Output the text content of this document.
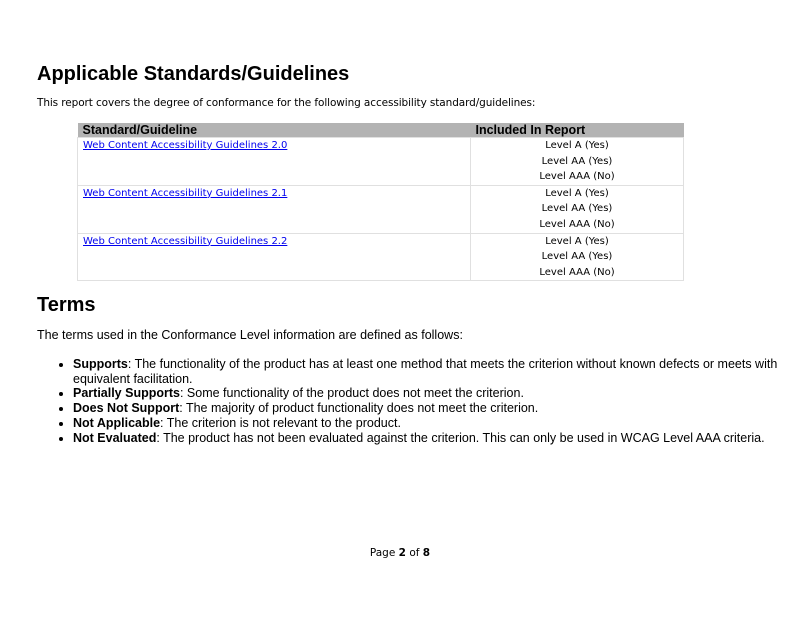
Applicable Standards/Guidelines
This report covers the degree of conformance for the following accessibility standard/guidelines:
Standard/Guideline	Included In Report
Web Content Accessibility Guidelines 2.0	Level A (Yes)
Level AA (Yes)
Level AAA (No)

Web Content Accessibility Guidelines 2.1	Level A (Yes)
Level AA (Yes)
Level AAA (No)

Web Content Accessibility Guidelines 2.2	Level A (Yes)
Level AA (Yes)
Level AAA (No)
Terms
The terms used in the Conformance Level information are defined as follows:
• Supports: The functionality of the product has at least one method that meets the criterion without known defects or meets with equivalent facilitation.
• Partially Supports: Some functionality of the product does not meet the criterion.
• Does Not Support: The majority of product functionality does not meet the criterion.
• Not Applicable: The criterion is not relevant to the product.
• Not Evaluated: The product has not been evaluated against the criterion. This can only be used in WCAG Level AAA criteria.
Page 2 of 8
